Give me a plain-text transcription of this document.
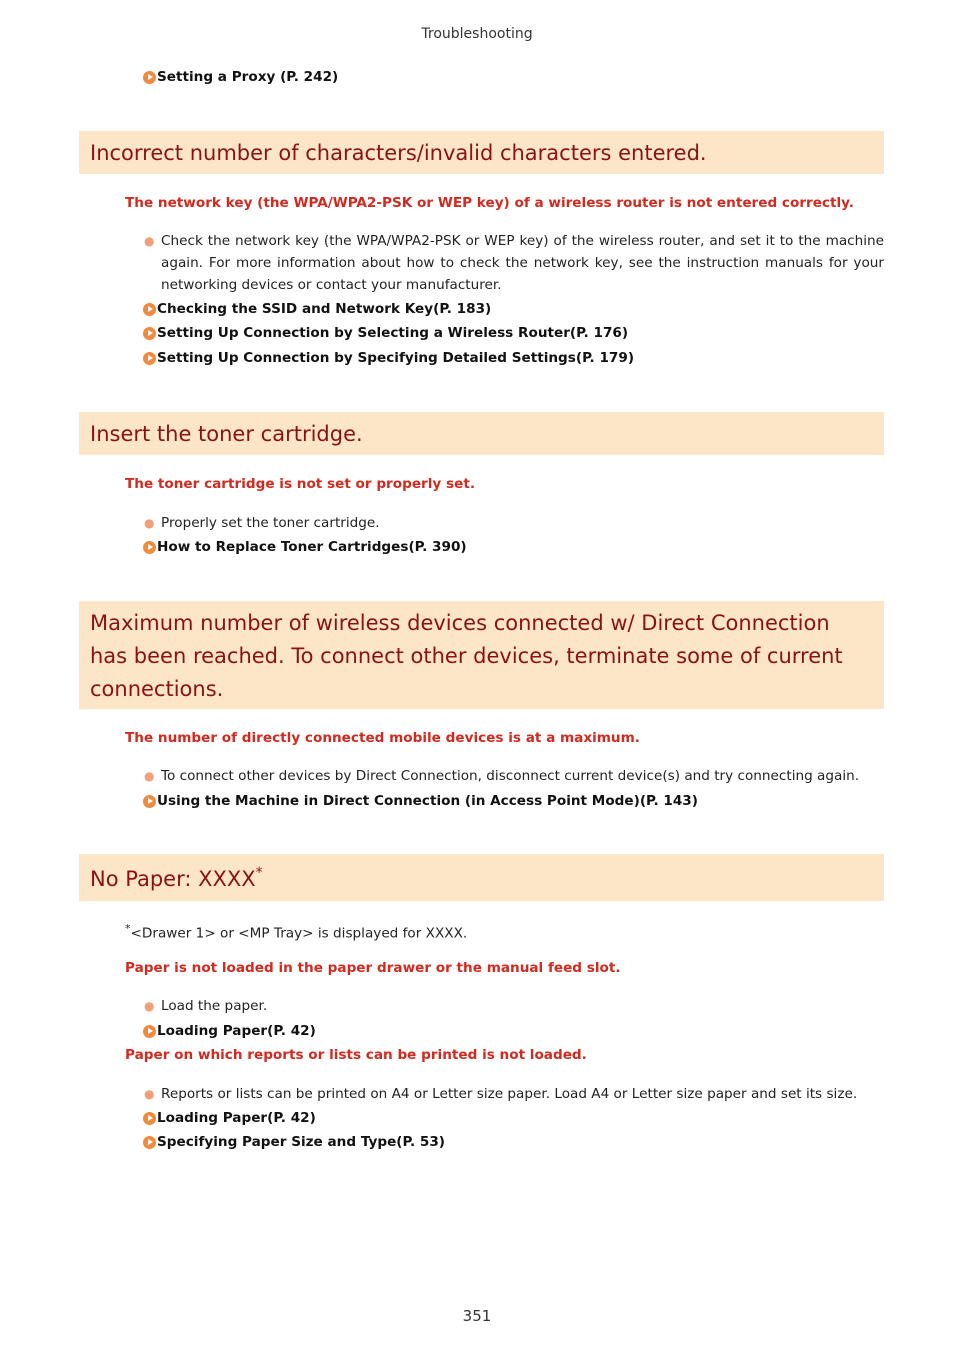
Troubleshooting
Setting a Proxy (P. 242)
Incorrect number of characters/invalid characters entered.
The network key (the WPA/WPA2-PSK or WEP key) of a wireless router is not entered correctly.
● Check the network key (the WPA/WPA2-PSK or WEP key) of the wireless router, and set it to the machine again. For more information about how to check the network key, see the instruction manuals for your networking devices or contact your manufacturer.
Checking the SSID and Network Key(P. 183)
Setting Up Connection by Selecting a Wireless Router(P. 176)
Setting Up Connection by Specifying Detailed Settings(P. 179)
Insert the toner cartridge.
The toner cartridge is not set or properly set.
● Properly set the toner cartridge.
How to Replace Toner Cartridges(P. 390)
Maximum number of wireless devices connected w/ Direct Connection has been reached. To connect other devices, terminate some of current connections.
The number of directly connected mobile devices is at a maximum.
● To connect other devices by Direct Connection, disconnect current device(s) and try connecting again.
Using the Machine in Direct Connection (in Access Point Mode)(P. 143)
No Paper: XXXX*
*<Drawer 1> or <MP Tray> is displayed for XXXX.
Paper is not loaded in the paper drawer or the manual feed slot.
● Load the paper.
Loading Paper(P. 42)
Paper on which reports or lists can be printed is not loaded.
● Reports or lists can be printed on A4 or Letter size paper. Load A4 or Letter size paper and set its size.
Loading Paper(P. 42)
Specifying Paper Size and Type(P. 53)
351
